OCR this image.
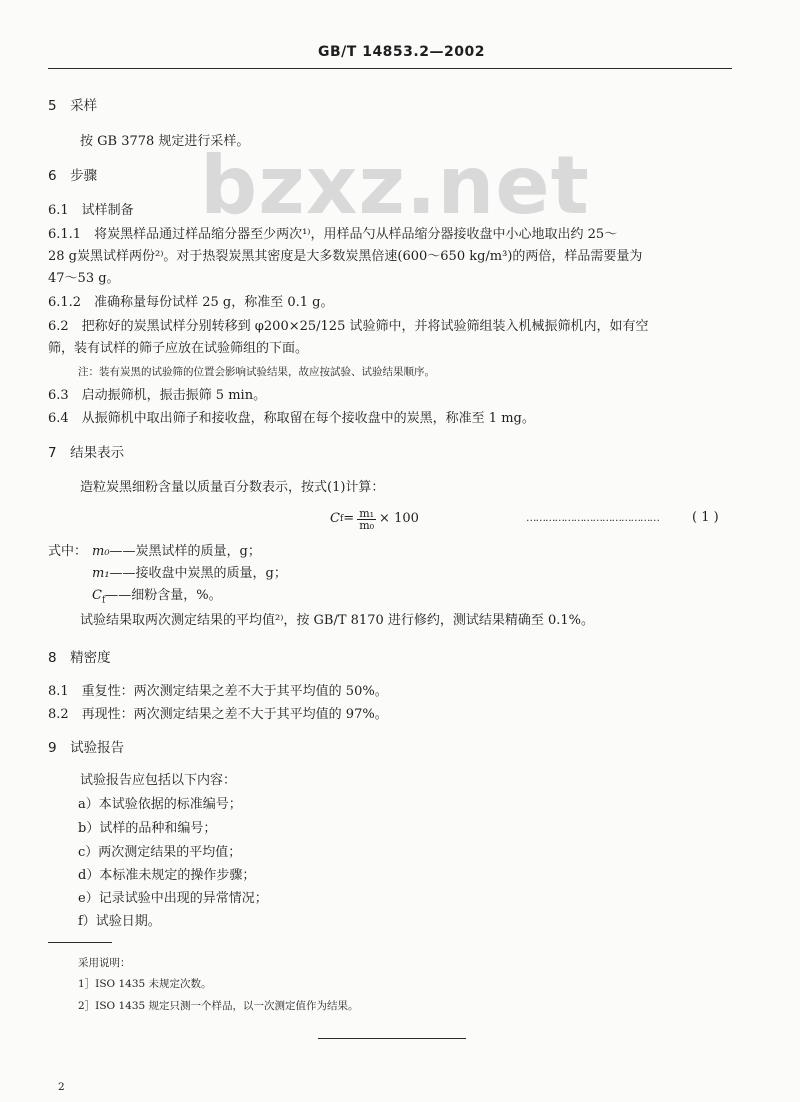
GB/T 14853.2—2002
bzxz.net
5　采样
按 GB 3778 规定进行采样。
6　步骤
6.1　试样制备
6.1.1　将炭黑样品通过样品缩分器至少两次¹⁾，用样品勺从样品缩分器接收盘中小心地取出约 25～
28 g炭黑试样两份²⁾。对于热裂炭黑其密度是大多数炭黑倍速(600～650 kg/m³)的两倍，样品需要量为
47～53 g。
6.1.2　准确称量每份试样 25 g，称准至 0.1 g。
6.2　把称好的炭黑试样分别转移到 φ200×25/125 试验筛中，并将试验筛组装入机械振筛机内，如有空
筛，装有试样的筛子应放在试验筛组的下面。
注：装有炭黑的试验筛的位置会影响试验结果，故应按試验、试验结果顺序。
6.3　启动振筛机，振击振筛 5 min。
6.4　从振筛机中取出筛子和接收盘，称取留在每个接收盘中的炭黑，称准至 1 mg。
7　结果表示
造粒炭黑细粉含量以质量百分数表示，按式(1)计算：
C $f = \frac{\text{m₁}}{\text{m₀}} \times 100$	……………………………………	( 1 )
式中： m₀——炭黑试样的质量，g；
m₁——接收盘中炭黑的质量，g；
$C_f——$细粉含量，%。
试验结果取两次测定结果的平均值²⁾，按 GB/T 8170 进行修约，测试结果精确至 0.1%。
8　精密度
8.1　重复性：两次测定结果之差不大于其平均值的 50%。
8.2　再现性：两次测定结果之差不大于其平均值的 97%。
9　试验报告
试验报告应包括以下内容：
a）本试验依据的标准编号；
b）试样的品种和编号；
c）两次测定结果的平均值；
d）本标准未规定的操作步骤；
e）记录试验中出现的异常情况；
f）试验日期。
采用说明：
1］ISO 1435 未规定次数。
2］ISO 1435 规定只测一个样品，以一次测定值作为结果。
2
